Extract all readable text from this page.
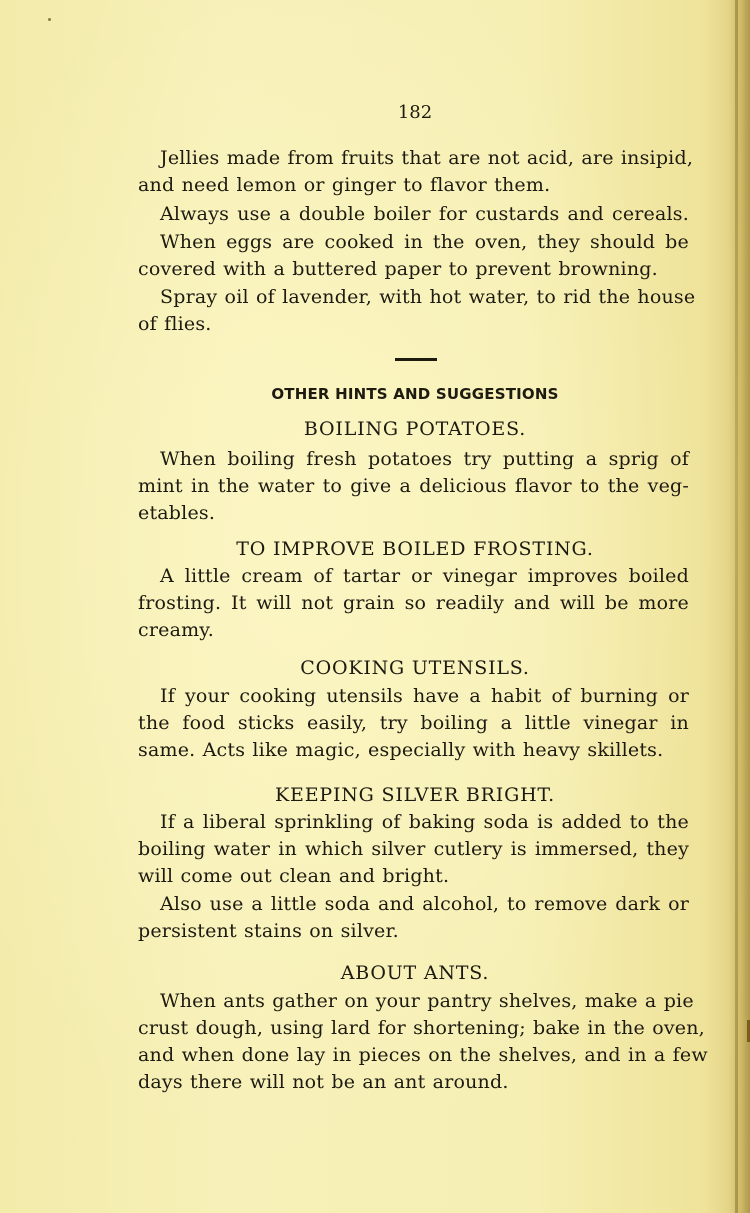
182
Jellies made from fruits that are not acid, are insipid,
and need lemon or ginger to flavor them.
Always use a double boiler for custards and cereals.
When eggs are cooked in the oven, they should be
covered with a buttered paper to prevent browning.
Spray oil of lavender, with hot water, to rid the house
of flies.
OTHER HINTS AND SUGGESTIONS
BOILING POTATOES.
When boiling fresh potatoes try putting a sprig of
mint in the water to give a delicious flavor to the veg-
etables.
TO IMPROVE BOILED FROSTING.
A little cream of tartar or vinegar improves boiled
frosting. It will not grain so readily and will be more
creamy.
COOKING UTENSILS.
If your cooking utensils have a habit of burning or
the food sticks easily, try boiling a little vinegar in
same. Acts like magic, especially with heavy skillets.
KEEPING SILVER BRIGHT.
If a liberal sprinkling of baking soda is added to the
boiling water in which silver cutlery is immersed, they
will come out clean and bright.
Also use a little soda and alcohol, to remove dark or
persistent stains on silver.
ABOUT ANTS.
When ants gather on your pantry shelves, make a pie
crust dough, using lard for shortening; bake in the oven,
and when done lay in pieces on the shelves, and in a few
days there will not be an ant around.
